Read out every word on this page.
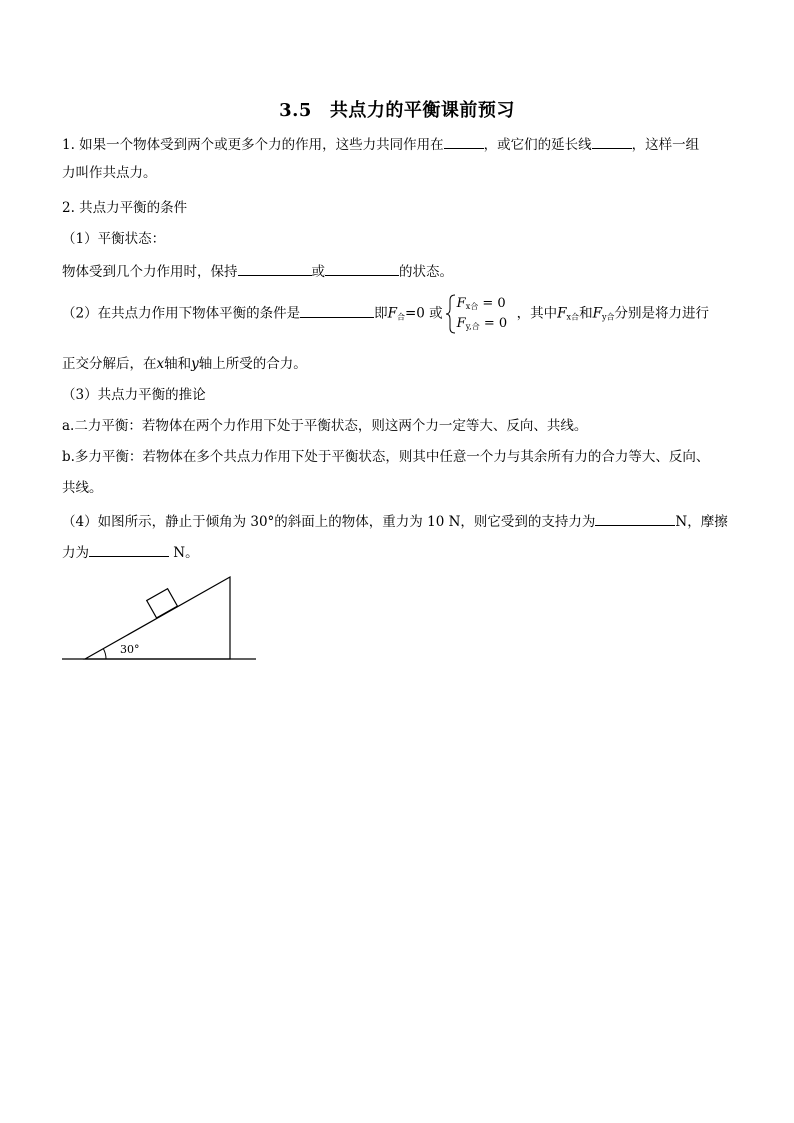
3.5 共点力的平衡课前预习
1. 如果一个物体受到两个或更多个力的作用，这些力共同作用在	，或它们的延长线	，这样一组
力叫作共点力。
2. 共点力平衡的条件
（1）平衡状态：
物体受到几个力作用时，保持	或	的状态。
（2）在共点力作用下物体平衡的条件是	即$F_合=0$ 或
$F_{x合} = 0$
$F_{y,合} = 0$
，其中$F_{x合}$和$F_{y合}$分别是将力进行
正交分解后，在x轴和y轴上所受的合力。
（3）共点力平衡的推论
a.二力平衡：若物体在两个力作用下处于平衡状态，则这两个力一定等大、反向、共线。
b.多力平衡：若物体在多个共点力作用下处于平衡状态，则其中任意一个力与其余所有力的合力等大、反向、
共线。
（4）如图所示，静止于倾角为 30°的斜面上的物体，重力为 10 N，则它受到的支持力为	N，摩擦
力为	N。
30°
